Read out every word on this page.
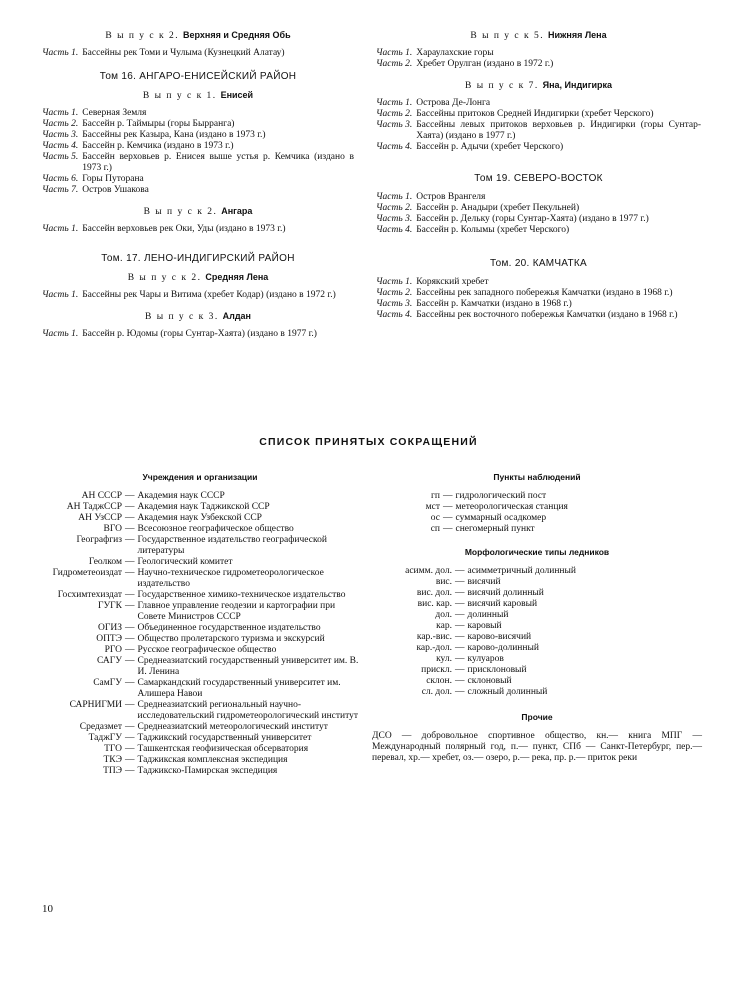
В ы п у с к 2. Верхняя и Средняя Обь
Часть 1. Бассейны рек Томи и Чулыма (Кузнецкий Алатау)
Том 16. АНГАРО-ЕНИСЕЙСКИЙ РАЙОН
В ы п у с к 1. Енисей
Часть 1. Северная Земля
Часть 2. Бассейн р. Таймыры (горы Бырранга)
Часть 3. Бассейны рек Казыра, Кана (издано в 1973 г.)
Часть 4. Бассейн р. Кемчика (издано в 1973 г.)
Часть 5. Бассейн верховьев р. Енисея выше устья р. Кемчика (издано в 1973 г.)
Часть 6. Горы Путорана
Часть 7. Остров Ушакова
В ы п у с к 2. Ангара
Часть 1. Бассейн верховьев рек Оки, Уды (издано в 1973 г.)
Том. 17. ЛЕНО-ИНДИГИРСКИЙ РАЙОН
В ы п у с к 2. Средняя Лена
Часть 1. Бассейны рек Чары и Витима (хребет Кодар) (издано в 1972 г.)
В ы п у с к 3. Алдан
Часть 1. Бассейн р. Юдомы (горы Сунтар-Хаята) (издано в 1977 г.)
В ы п у с к 5. Нижняя Лена
Часть 1. Хараулахские горы
Часть 2. Хребет Орулган (издано в 1972 г.)
В ы п у с к 7. Яна, Индигирка
Часть 1. Острова Де-Лонга
Часть 2. Бассейны притоков Средней Индигирки (хребет Черского)
Часть 3. Бассейны левых притоков верховьев р. Индигирки (горы Сунтар-Хаята) (издано в 1977 г.)
Часть 4. Бассейн р. Адычи (хребет Черского)
Том 19. СЕВЕРО-ВОСТОК
Часть 1. Остров Врангеля
Часть 2. Бассейн р. Анадыри (хребет Пекульней)
Часть 3. Бассейн р. Дельку (горы Сунтар-Хаята) (издано в 1977 г.)
Часть 4. Бассейн р. Колымы (хребет Черского)
Том. 20. КАМЧАТКА
Часть 1. Корякский хребет
Часть 2. Бассейны рек западного побережья Камчатки (издано в 1968 г.)
Часть 3. Бассейн р. Камчатки (издано в 1968 г.)
Часть 4. Бассейны рек восточного побережья Камчатки (издано в 1968 г.)
СПИСОК ПРИНЯТЫХ СОКРАЩЕНИЙ
Учреждения и организации
АН СССР — Академия наук СССР
АН ТаджССР — Академия наук Таджикской ССР
АН УзССР — Академия наук Узбекской ССР
ВГО — Всесоюзное географическое общество
Географгиз — Государственное издательство географической литературы
Геолком — Геологический комитет
Гидрометеоиздат — Научно-техническое гидрометеорологическое издательство
Госхимтехиздат — Государственное химико-техническое издательство
ГУГК — Главное управление геодезии и картографии при Совете Министров СССР
ОГИЗ — Объединенное государственное издательство
ОПТЭ — Общество пролетарского туризма и экскурсий
РГО — Русское географическое общество
САГУ — Среднеазиатский государственный университет им. В. И. Ленина
СамГУ — Самаркандский государственный университет им. Алишера Навои
САРНИГМИ — Среднеазиатский региональный научно-исследовательский гидрометеорологический институт
Средазмет — Среднеазиатский метеорологический институт
ТаджГУ — Таджикский государственный университет
ТГО — Ташкентская геофизическая обсерватория
ТКЭ — Таджикская комплексная экспедиция
ТПЭ — Таджикско-Памирская экспедиция
Пункты наблюдений
гп — гидрологический пост
мст — метеорологическая станция
ос — суммарный осадкомер
сп — снегомерный пункт
Морфологические типы ледников
асимм. дол. — асимметричный долинный
вис. — висячий
вис. дол. — висячий долинный
вис. кар. — висячий каровый
дол. — долинный
кар. — каровый
кар.-вис. — карово-висячий
кар.-дол. — карово-долинный
кул. — кулуаров
прискл. — присклоновый
склон. — склоновый
сл. дол. — сложный долинный
Прочие
ДСО — добровольное спортивное общество, кн.— книга МПГ — Международный полярный год, п.— пункт, СПб — Санкт-Петербург, пер.— перевал, хр.— хребет, оз.— озеро, р.— река, пр. р.— приток реки
10
